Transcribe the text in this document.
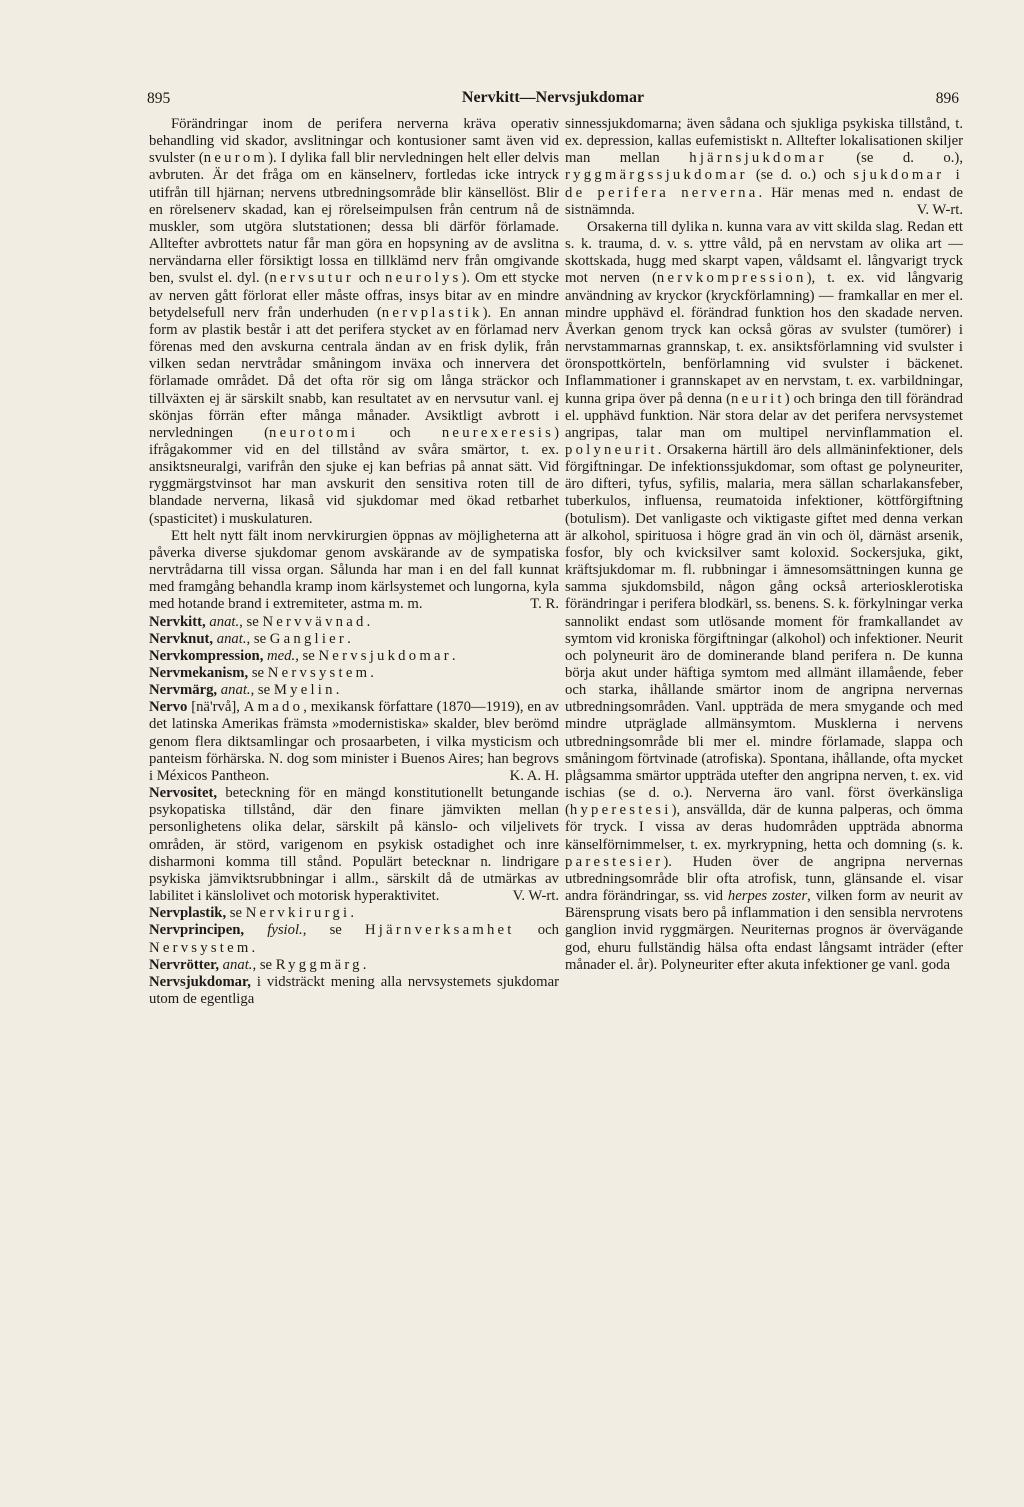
895	Nervkitt—Nervsjukdomar	896

Förändringar inom de perifera nerverna kräva operativ behandling vid skador, avslitningar och kontusioner samt även vid svulster (neurom). I dylika fall blir nervledningen helt eller delvis avbruten. Är det fråga om en känselnerv, fortledas icke intryck utifrån till hjärnan; nervens utbredningsområde blir känsellöst. Blir en rörelsenerv skadad, kan ej rörelseimpulsen från centrum nå de muskler, som utgöra slutstationen; dessa bli därför förlamade. Alltefter avbrottets natur får man göra en hopsyning av de avslitna nervändarna eller försiktigt lossa en tillklämd nerv från omgivande ben, svulst el. dyl. (nervsutur och neurolys). Om ett stycke av nerven gått förlorat eller måste offras, insys bitar av en mindre betydelsefull nerv från underhuden (nervplastik). En annan form av plastik består i att det perifera stycket av en förlamad nerv förenas med den avskurna centrala ändan av en frisk dylik, från vilken sedan nervtrådar småningom inväxa och innervera det förlamade området. Då det ofta rör sig om långa sträckor och tillväxten ej är särskilt snabb, kan resultatet av en nervsutur vanl. ej skönjas förrän efter många månader. Avsiktligt avbrott i nervledningen (neurotomi och neurexeresis) ifrågakommer vid en del tillstånd av svåra smärtor, t. ex. ansiktsneuralgi, varifrån den sjuke ej kan befrias på annat sätt. Vid ryggmärgstvinsot har man avskurit den sensitiva roten till de blandade nerverna, likaså vid sjukdomar med ökad retbarhet (spasticitet) i muskulaturen.

Ett helt nytt fält inom nervkirurgien öppnas av möjligheterna att påverka diverse sjukdomar genom avskärande av de sympatiska nervtrådarna till vissa organ. Sålunda har man i en del fall kunnat med framgång behandla kramp inom kärlsystemet och lungorna, kyla med hotande brand i extremiteter, astma m. m.	T. R.

Nervkitt, anat., se Nervvävnad.

Nervknut, anat., se Ganglier.

Nervkompression, med., se Nervsjukdomar.

Nervmekanism, se Nervsystem.

Nervmärg, anat., se Myelin.

Nervo [nä'rvå], Amado, mexikansk författare (1870—1919), en av det latinska Amerikas främsta »modernistiska» skalder, blev berömd genom flera diktsamlingar och prosaarbeten, i vilka mysticism och panteism förhärska. N. dog som minister i Buenos Aires; han begrovs i Méxicos Pantheon.	K. A. H.

Nervositet, beteckning för en mängd konstitutionellt betungande psykopatiska tillstånd, där den finare jämvikten mellan personlighetens olika delar, särskilt på känslo- och viljelivets områden, är störd, varigenom en psykisk ostadighet och inre disharmoni komma till stånd. Populärt betecknar n. lindrigare psykiska jämviktsrubbningar i allm., särskilt då de utmärkas av labilitet i känslolivet och motorisk hyperaktivitet.	V. W-rt.

Nervplastik, se Nervkirurgi.

Nervprincipen, fysiol., se Hjärnverksamhet och Nervsystem.

Nervrötter, anat., se Ryggmärg.

Nervsjukdomar, i vidsträckt mening alla nervsystemets sjukdomar utom de egentliga

sinnessjukdomarna; även sådana och sjukliga psykiska tillstånd, t. ex. depression, kallas eufemistiskt n. Alltefter lokalisationen skiljer man mellan hjärnsjukdomar (se d. o.), ryggmärgssjukdomar (se d. o.) och sjukdomar i de perifera nerverna. Här menas med n. endast de sistnämnda.	V. W-rt.

Orsakerna till dylika n. kunna vara av vitt skilda slag. Redan ett s. k. trauma, d. v. s. yttre våld, på en nervstam av olika art — skottskada, hugg med skarpt vapen, våldsamt el. långvarigt tryck mot nerven (nervkompression), t. ex. vid långvarig användning av kryckor (kryckförlamning) — framkallar en mer el. mindre upphävd el. förändrad funktion hos den skadade nerven. Åverkan genom tryck kan också göras av svulster (tumörer) i nervstammarnas grannskap, t. ex. ansiktsförlamning vid svulster i öronspottkörteln, benförlamning vid svulster i bäckenet. Inflammationer i grannskapet av en nervstam, t. ex. varbildningar, kunna gripa över på denna (neurit) och bringa den till förändrad el. upphävd funktion. När stora delar av det perifera nervsystemet angripas, talar man om multipel nervinflammation el. polyneurit. Orsakerna härtill äro dels allmäninfektioner, dels förgiftningar. De infektionssjukdomar, som oftast ge polyneuriter, äro difteri, tyfus, syfilis, malaria, mera sällan scharlakansfeber, tuberkulos, influensa, reumatoida infektioner, köttförgiftning (botulism). Det vanligaste och viktigaste giftet med denna verkan är alkohol, spirituosa i högre grad än vin och öl, därnäst arsenik, fosfor, bly och kvicksilver samt koloxid. Sockersjuka, gikt, kräftsjukdomar m. fl. rubbningar i ämnesomsättningen kunna ge samma sjukdomsbild, någon gång också arteriosklerotiska förändringar i perifera blodkärl, ss. benens. S. k. förkylningar verka sannolikt endast som utlösande moment för framkallandet av symtom vid kroniska förgiftningar (alkohol) och infektioner. Neurit och polyneurit äro de dominerande bland perifera n. De kunna börja akut under häftiga symtom med allmänt illamående, feber och starka, ihållande smärtor inom de angripna nervernas utbredningsområden. Vanl. uppträda de mera smygande och med mindre utpräglade allmänsymtom. Musklerna i nervens utbredningsområde bli mer el. mindre förlamade, slappa och småningom förtvinade (atrofiska). Spontana, ihållande, ofta mycket plågsamma smärtor uppträda utefter den angripna nerven, t. ex. vid ischias (se d. o.). Nerverna äro vanl. först överkänsliga (hyperestesi), ansvällda, där de kunna palperas, och ömma för tryck. I vissa av deras hudområden uppträda abnorma känselförnimmelser, t. ex. myrkrypning, hetta och domning (s. k. parestesier). Huden över de angripna nervernas utbredningsområde blir ofta atrofisk, tunn, glänsande el. visar andra förändringar, ss. vid herpes zoster, vilken form av neurit av Bärensprung visats bero på inflammation i den sensibla nervrotens ganglion invid ryggmärgen. Neuriternas prognos är övervägande god, ehuru fullständig hälsa ofta endast långsamt inträder (efter månader el. år). Polyneuriter efter akuta infektioner ge vanl. goda
